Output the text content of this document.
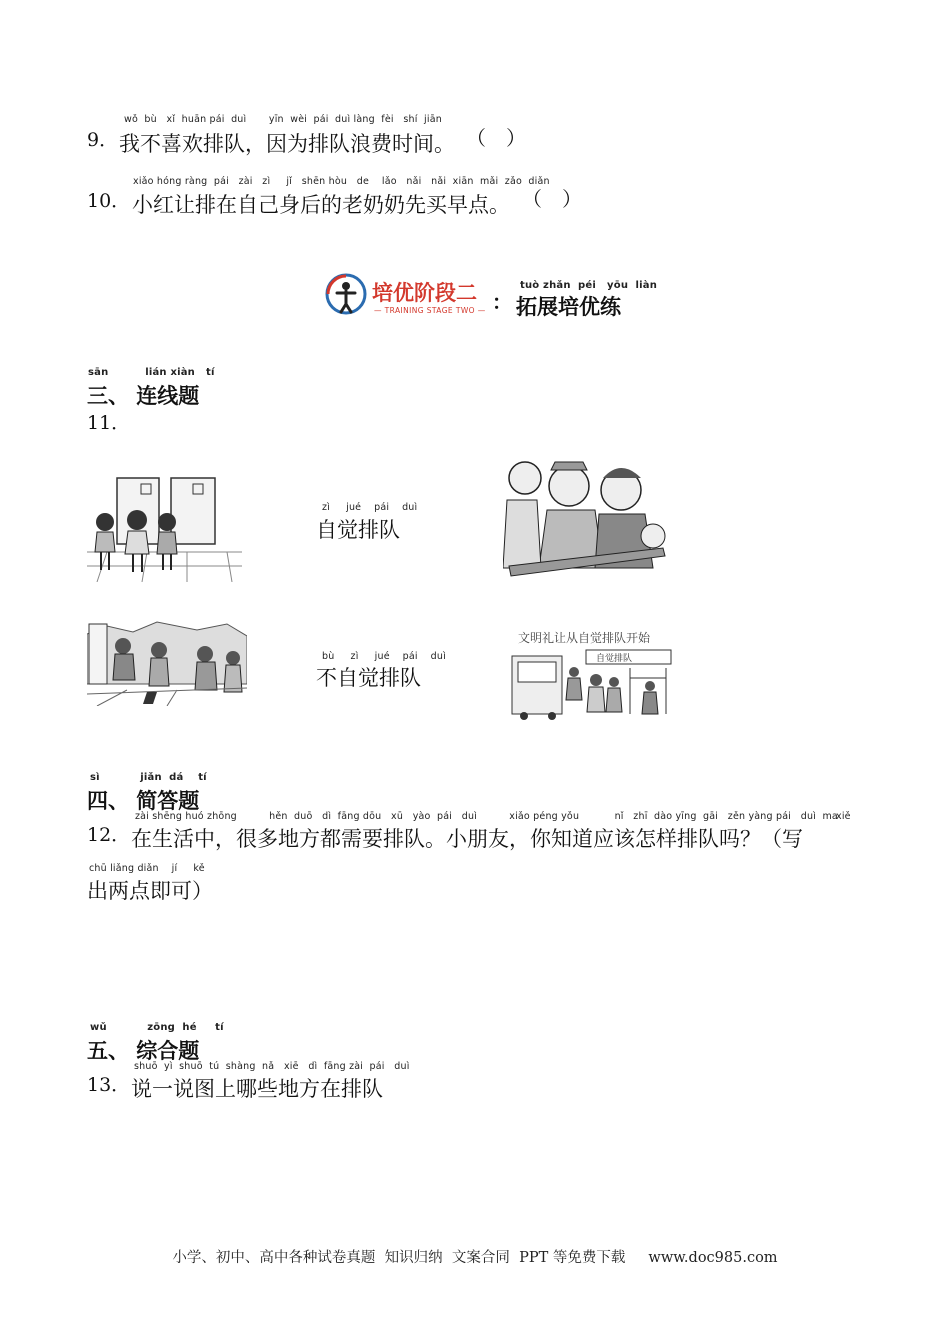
wǒ  bù   xǐ  huān pái  duì       yīn  wèi  pái  duì làng  fèi   shí  jiān
9． 我不喜欢排队，因为排队浪费时间。 （　）
xiǎo hóng ràng  pái   zài   zì     jǐ   shēn hòu   de    lǎo   nǎi   nǎi  xiān  mǎi  zǎo  diǎn
10． 小红让排在自己身后的老奶奶先买早点。 （　）
培优阶段二
— TRAINING STAGE TWO — ：
tuò zhǎn  péi   yōu  liàn
拓展培优练
sān          lián xiàn   tí
三、 连线题
11．
zì     jué    pái    duì
自觉排队
bù     zì     jué    pái    duì
不自觉排队
文明礼让从自觉排队开始
自觉排队
sì           jiǎn  dá    tí
四、 简答题
zài shēng huó zhōng          hěn  duō   dì  fāng dōu   xū   yào  pái   duì          xiǎo péng yǒu           nǐ   zhī  dào yīng  gāi   zěn yàng pái   duì  ma
xiě
12． 在生活中，很多地方都需要排队。小朋友，你知道应该怎样排队吗？（写
chū liǎng diǎn    jí     kě
出两点即可）
wǔ           zōng  hé     tí
五、 综合题
shuō  yì  shuō  tú  shàng  nǎ   xiē   dì  fāng zài  pái   duì
13． 说一说图上哪些地方在排队
小学、初中、高中各种试卷真题  知识归纳  文案合同  PPT 等免费下载     www.doc985.com
